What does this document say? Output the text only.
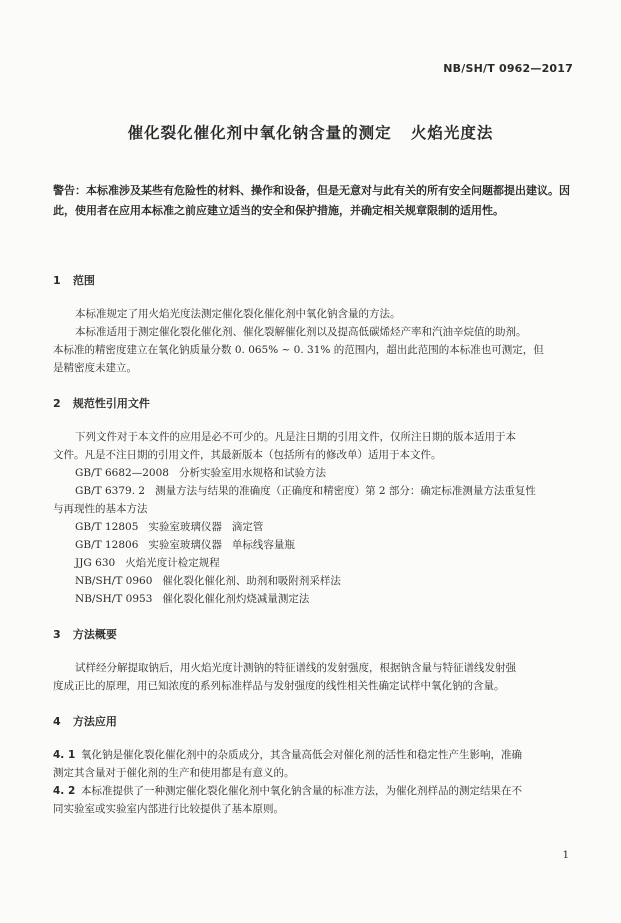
NB/SH/T 0962—2017
催化裂化催化剂中氧化钠含量的测定   火焰光度法
警告：本标准涉及某些有危险性的材料、操作和设备，但是无意对与此有关的所有安全问题都提出建议。因此，使用者在应用本标准之前应建立适当的安全和保护措施，并确定相关规章限制的适用性。
1 范围
本标准规定了用火焰光度法测定催化裂化催化剂中氧化钠含量的方法。
本标准适用于测定催化裂化催化剂、催化裂解催化剂以及提高低碳烯烃产率和汽油辛烷值的助剂。
本标准的精密度建立在氧化钠质量分数 0. 065% ~ 0. 31% 的范围内，超出此范围的本标准也可测定，但
是精密度未建立。
2 规范性引用文件
下列文件对于本文件的应用是必不可少的。凡是注日期的引用文件，仅所注日期的版本适用于本
文件。凡是不注日期的引用文件，其最新版本（包括所有的修改单）适用于本文件。
GB/T 6682—2008   分析实验室用水规格和试验方法
GB/T 6379. 2   测量方法与结果的准确度（正确度和精密度）第 2 部分：确定标准测量方法重复性
与再现性的基本方法
GB/T 12805   实验室玻璃仪器   滴定管
GB/T 12806   实验室玻璃仪器   单标线容量瓶
JJG 630   火焰光度计检定规程
NB/SH/T 0960   催化裂化催化剂、助剂和吸附剂采样法
NB/SH/T 0953   催化裂化催化剂灼烧减量测定法
3 方法概要
试样经分解提取钠后，用火焰光度计测钠的特征谱线的发射强度，根据钠含量与特征谱线发射强
度成正比的原理，用已知浓度的系列标准样品与发射强度的线性相关性确定试样中氧化钠的含量。
4 方法应用
4. 1 氧化钠是催化裂化催化剂中的杂质成分，其含量高低会对催化剂的活性和稳定性产生影响，准确
测定其含量对于催化剂的生产和使用都是有意义的。
4. 2 本标准提供了一种测定催化裂化催化剂中氧化钠含量的标准方法，为催化剂样品的测定结果在不
同实验室或实验室内部进行比较提供了基本原则。
1
